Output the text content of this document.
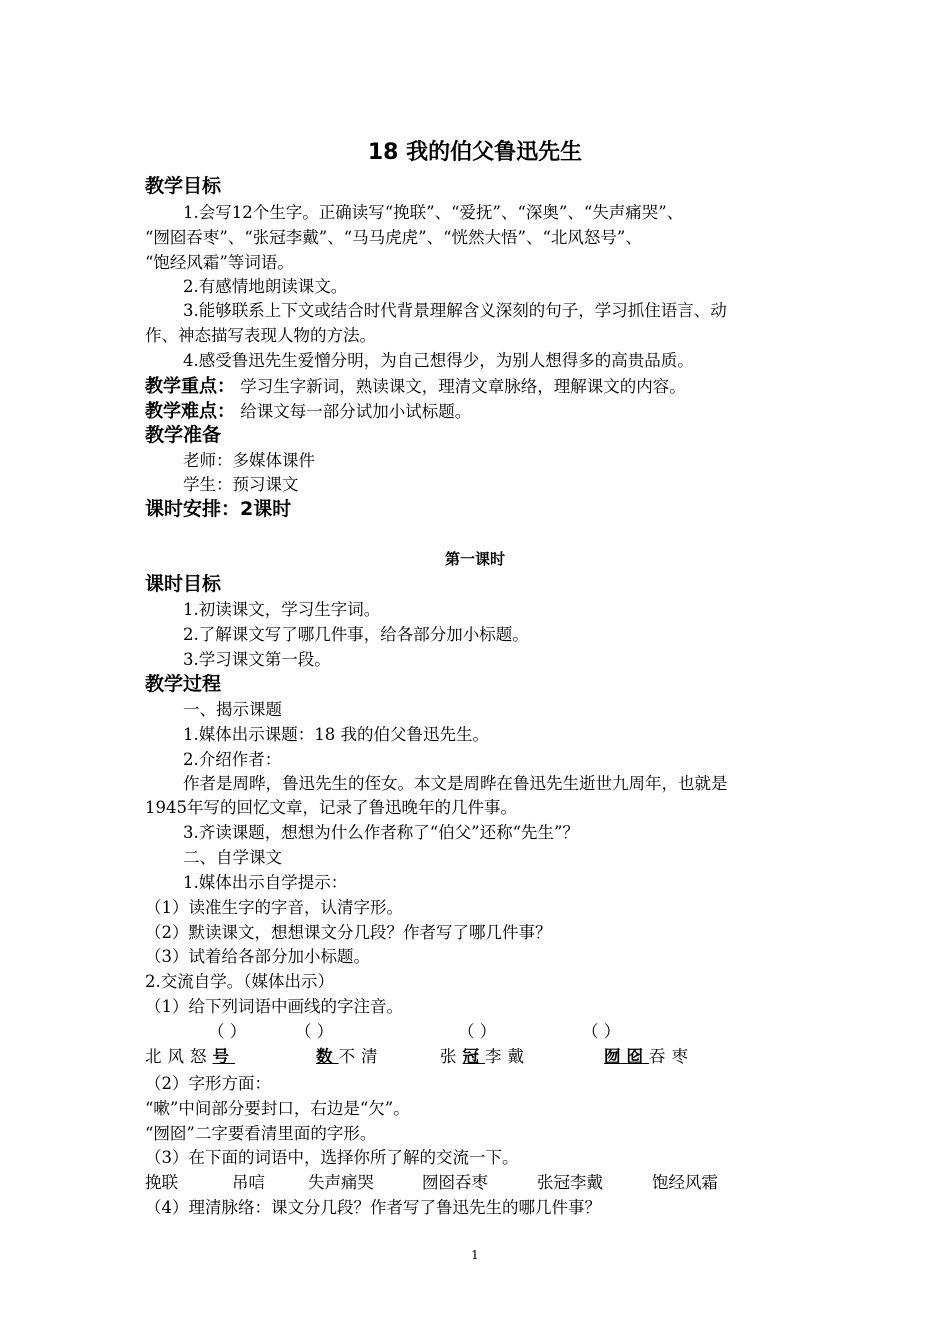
18 我的伯父鲁迅先生
教学目标
1.会写12个生字。正确读写“挽联”、“爱抚”、“深奥”、“失声痛哭”、
“囫囵吞枣”、“张冠李戴”、“马马虎虎”、“恍然大悟”、“北风怒号”、
“饱经风霜”等词语。
2.有感情地朗读课文。
3.能够联系上下文或结合时代背景理解含义深刻的句子，学习抓住语言、动
作、神态描写表现人物的方法。
4.感受鲁迅先生爱憎分明，为自己想得少，为别人想得多的高贵品质。
教学重点： 学习生字新词，熟读课文，理清文章脉络，理解课文的内容。
教学难点： 给课文每一部分试加小试标题。
教学准备
老师：多媒体课件
学生：预习课文
课时安排：2课时
第一课时
课时目标
1.初读课文，学习生字词。
2.了解课文写了哪几件事，给各部分加小标题。
3.学习课文第一段。
教学过程
一、揭示课题
1.媒体出示课题：18 我的伯父鲁迅先生。
2.介绍作者：
作者是周晔，鲁迅先生的侄女。本文是周晔在鲁迅先生逝世九周年，也就是
1945年写的回忆文章，记录了鲁迅晚年的几件事。
3.齐读课题，想想为什么作者称了“伯父”还称“先生”？
二、自学课文
1.媒体出示自学提示：
（1）读准生字的字音，认清字形。
（2）默读课文，想想课文分几段？作者写了哪几件事？
（3）试着给各部分加小标题。
2.交流自学。（媒体出示）
（1）给下列词语中画线的字注音。
（ ）	（ ）	（ ）	（ ）
北风怒号	数不清	张冠李戴	囫囵吞枣
（2）字形方面：
“嗽”中间部分要封口，右边是“欠”。
“囫囵”二字要看清里面的字形。
（3）在下面的词语中，选择你所了解的交流一下。
挽联	吊唁	失声痛哭	囫囵吞枣	张冠李戴	饱经风霜
（4）理清脉络：课文分几段？作者写了鲁迅先生的哪几件事？
1
